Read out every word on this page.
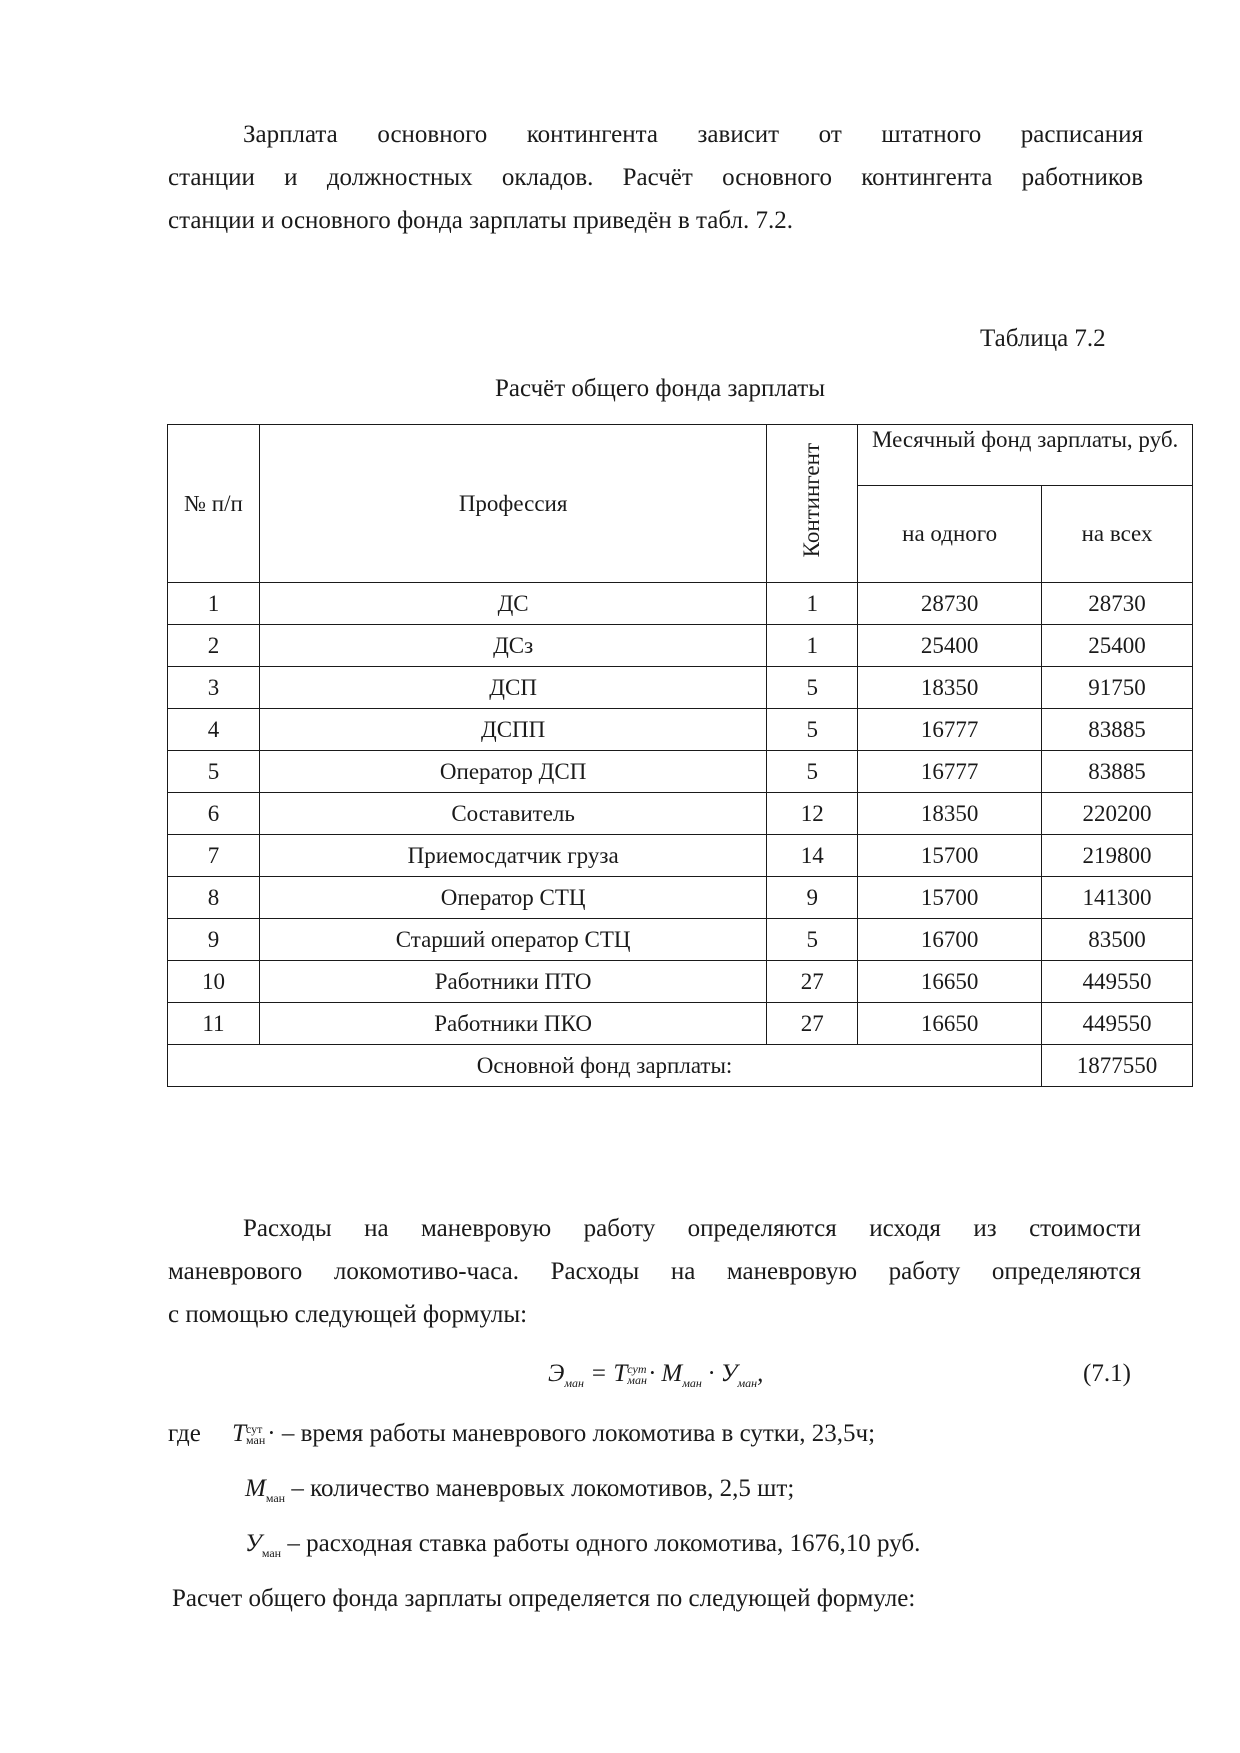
Зарплата основного контингента зависит от штатного расписания
станции и должностных окладов. Расчёт основного контингента работников
станции и основного фонда зарплаты приведён в табл. 7.2.
Таблица 7.2
Расчёт общего фонда зарплаты
№ п/п	Профессия	Контингент	Месячный фонд зарплаты, руб.	
			на одного	на всех
1	ДС	1	28730	28730
2	ДСз	1	25400	25400
3	ДСП	5	18350	91750
4	ДСПП	5	16777	83885
5	Оператор ДСП	5	16777	83885
6	Составитель	12	18350	220200
7	Приемосдатчик груза	14	15700	219800
8	Оператор СТЦ	9	15700	141300
9	Старший оператор СТЦ	5	16700	83500
10	Работники ПТО	27	16650	449550
11	Работники ПКО	27	16650	449550
Основной фонд зарплаты:				1877550
Расходы на маневровую работу определяются исходя из стоимости
маневрового локомотиво-часа. Расходы на маневровую работу определяются
с помощью следующей формулы:
$Э_{ман}$ = Тсут
$ман\cdot М_{ман} \cdot У_{ман}$,	(7.1)
где Тсут
ман· – время работы маневрового локомотива в сутки, 23,5ч;
$М_{ман}$ – количество маневровых локомотивов, 2,5 шт;
$У_{ман}$ – расходная ставка работы одного локомотива, 1676,10 руб.
Расчет общего фонда зарплаты определяется по следующей формуле:
